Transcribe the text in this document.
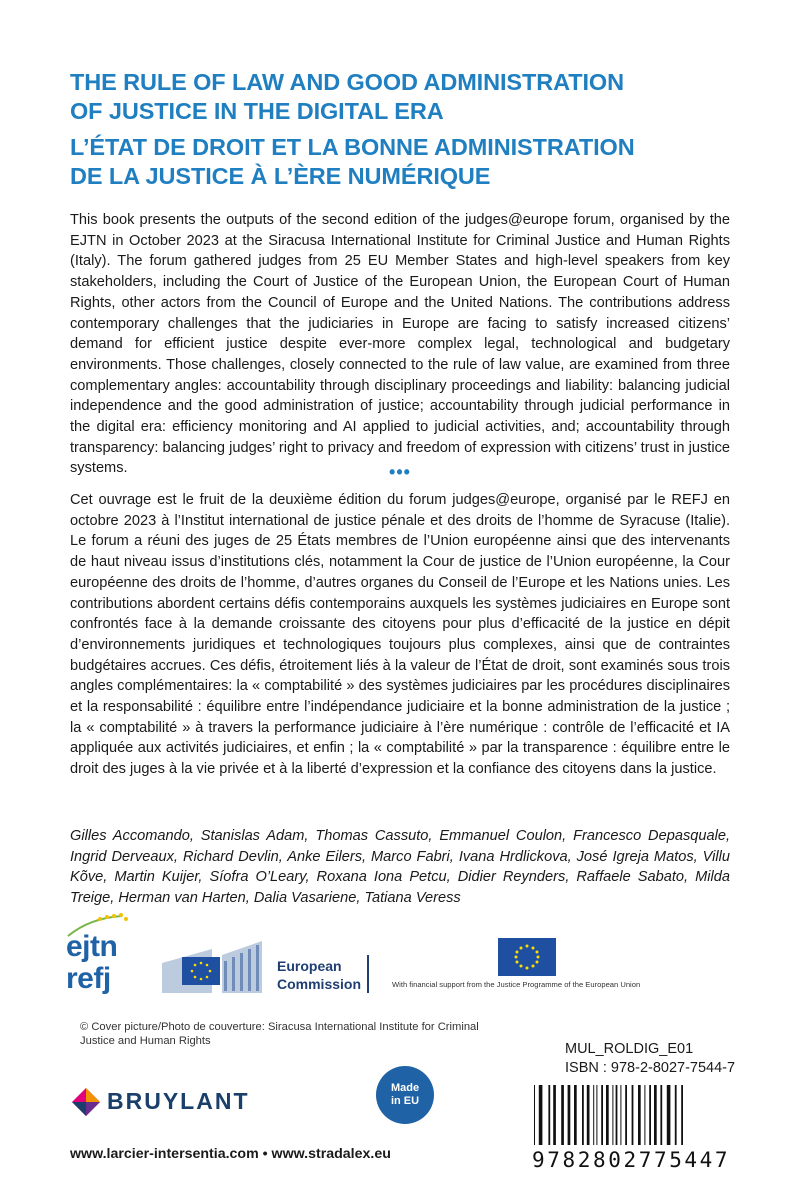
THE RULE OF LAW AND GOOD ADMINISTRATION
OF JUSTICE IN THE DIGITAL ERA
L’ÉTAT DE DROIT ET LA BONNE ADMINISTRATION
DE LA JUSTICE À L’ÈRE NUMÉRIQUE

This book presents the outputs of the second edition of the judges@europe forum, organised by the EJTN in October 2023 at the Siracusa International Institute for Criminal Justice and Human Rights (Italy). The forum gathered judges from 25 EU Member States and high-level speakers from key stakeholders, including the Court of Justice of the European Union, the European Court of Human Rights, other actors from the Council of Europe and the United Nations. The contributions address contemporary challenges that the judiciaries in Europe are facing to satisfy increased citizens’ demand for efficient justice despite ever-more complex legal, technological and budgetary environments. Those challenges, closely connected to the rule of law value, are examined from three complementary angles: accountability through disciplinary proceedings and liability: balancing judicial independence and the good administration of justice; accountability through judicial performance in the digital era: efficiency monitoring and AI applied to judicial activities, and; accountability through transparency: balancing judges’ right to privacy and freedom of expression with citizens’ trust in justice systems.	•••

Cet ouvrage est le fruit de la deuxième édition du forum judges@europe, organisé par le REFJ en octobre 2023 à l’Institut international de justice pénale et des droits de l’homme de Syracuse (Italie). Le forum a réuni des juges de 25 États membres de l’Union européenne ainsi que des intervenants de haut niveau issus d’institutions clés, notamment la Cour de justice de l’Union européenne, la Cour européenne des droits de l’homme, d’autres organes du Conseil de l’Europe et les Nations unies. Les contributions abordent certains défis contemporains auxquels les systèmes judiciaires en Europe sont confrontés face à la demande croissante des citoyens pour plus d’efficacité de la justice en dépit d’environnements juridiques et technologiques toujours plus complexes, ainsi que de contraintes budgétaires accrues. Ces défis, étroitement liés à la valeur de l’État de droit, sont examinés sous trois angles complémentaires: la « comptabilité » des systèmes judiciaires par les procédures disciplinaires et la responsabilité : équilibre entre l’indépendance judiciaire et la bonne administration de la justice ; la « comptabilité » à travers la performance judiciaire à l’ère numérique : contrôle de l’efficacité et IA appliquée aux activités judiciaires, et enfin ; la « comptabilité » par la transparence : équilibre entre le droit des juges à la vie privée et à la liberté d’expression et la confiance des citoyens dans la justice.

Gilles Accomando, Stanislas Adam, Thomas Cassuto, Emmanuel Coulon, Francesco Depasquale, Ingrid Derveaux, Richard Devlin, Anke Eilers, Marco Fabri, Ivana Hrdlickova, José Igreja Matos, Villu Kõve, Martin Kuijer, Síofra O’Leary, Roxana Iona Petcu, Didier Reynders, Raffaele Sabato, Milda Treige, Herman van Harten, Dalia Vasariene, Tatiana Veress

ejtn
refj	European
Commission	With financial support from the Justice Programme of the European Union

© Cover picture/Photo de couverture: Siracusa International Institute for Criminal Justice and Human Rights	MUL_ROLDIG_E01
ISBN : 978-2-8027-7544-7
BRUYLANT	Made
in EU
www.larcier-intersentia.com • www.stradalex.eu	9782802775447
